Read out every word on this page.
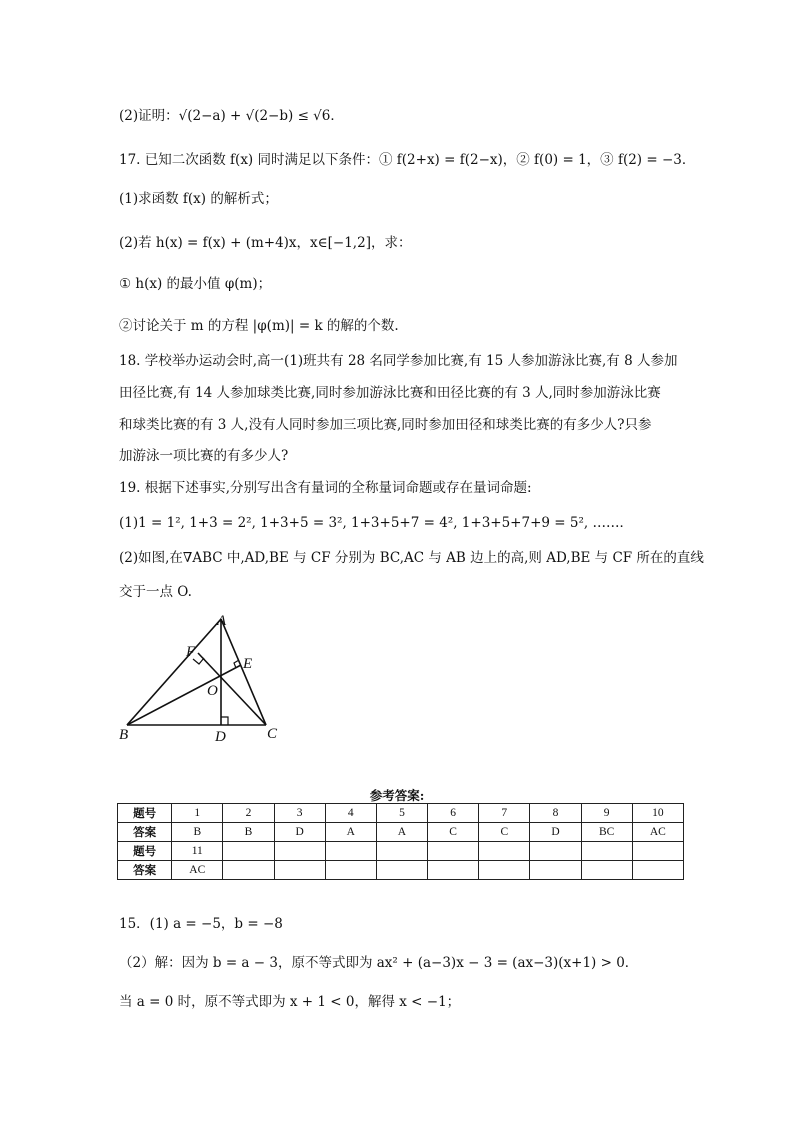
(2)证明：√(2−a) + √(2−b) ≤ √6．
17. 已知二次函数 f(x) 同时满足以下条件：① f(2+x) = f(2−x)，② f(0) = 1，③ f(2) = −3．
(1)求函数 f(x) 的解析式；
(2)若 h(x) = f(x) + (m+4)x，x∈[−1,2]，求：
① h(x) 的最小值 φ(m)；
②讨论关于 m 的方程 |φ(m)| = k 的解的个数.
18. 学校举办运动会时,高一(1)班共有 28 名同学参加比赛,有 15 人参加游泳比赛,有 8 人参加
田径比赛,有 14 人参加球类比赛,同时参加游泳比赛和田径比赛的有 3 人,同时参加游泳比赛
和球类比赛的有 3 人,没有人同时参加三项比赛,同时参加田径和球类比赛的有多少人?只参
加游泳一项比赛的有多少人?
19. 根据下述事实,分别写出含有量词的全称量词命题或存在量词命题:
(1)1 = 1², 1+3 = 2², 1+3+5 = 3², 1+3+5+7 = 4², 1+3+5+7+9 = 5², ……．
(2)如图,在∇ABC 中,AD,BE 与 CF 分别为 BC,AC 与 AB 边上的高,则 AD,BE 与 CF 所在的直线
交于一点 O.
A
B	C
D
E
F
O
参考答案:
题号	1	2	3	4	5	6	7	8	9	10
答案	B	B	D	A	A	C	C	D	BC	AC
题号	11									
答案	AC									
15．(1) a = −5，b = −8
（2）解：因为 b = a − 3，原不等式即为 ax² + (a−3)x − 3 = (ax−3)(x+1) > 0．
当 a = 0 时，原不等式即为 x + 1 < 0，解得 x < −1；
